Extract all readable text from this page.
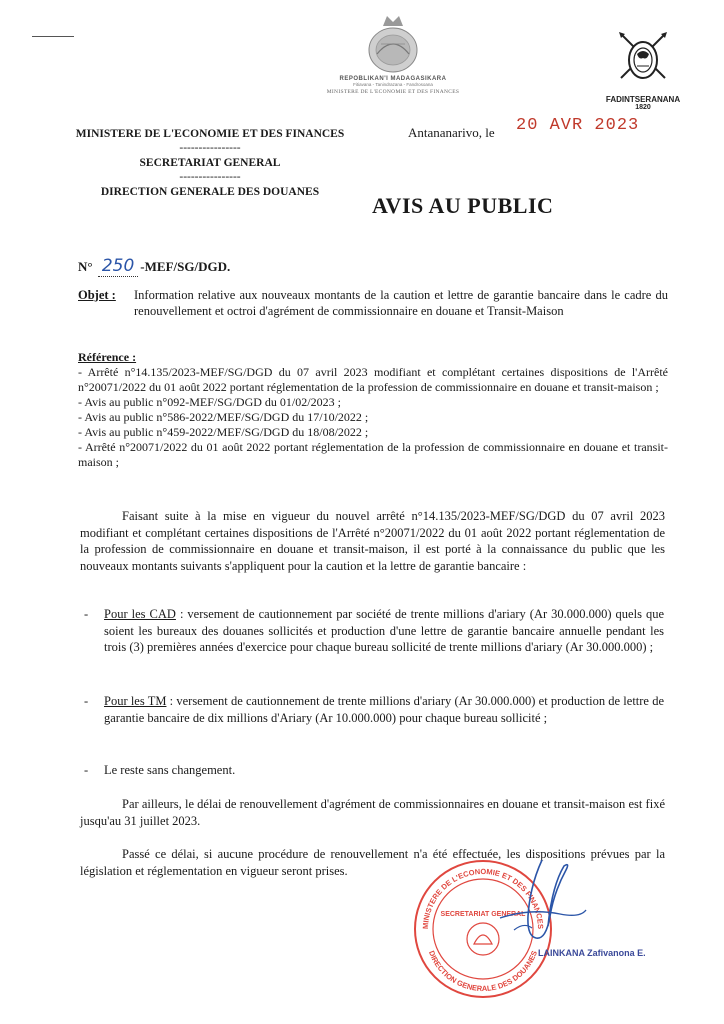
REPOBLIKAN'I MADAGASIKARA
Fitiavana - Tanindrazana - Fandrosoana
MINISTERE DE L'ECONOMIE ET DES FINANCES
FADINTSERANANA
1820
MINISTERE DE L'ECONOMIE ET DES FINANCES
----------------
SECRETARIAT GENERAL
----------------
DIRECTION GENERALE DES DOUANES
Antananarivo, le 20 AVR 2023
AVIS AU PUBLIC
N° 250 -MEF/SG/DGD.
Objet : Information relative aux nouveaux montants de la caution et lettre de garantie bancaire dans le cadre du renouvellement et octroi d'agrément de commissionnaire en douane et Transit-Maison
Référence :
- Arrêté n°14.135/2023-MEF/SG/DGD du 07 avril 2023 modifiant et complétant certaines dispositions de l'Arrêté n°20071/2022 du 01 août 2022 portant réglementation de la profession de commissionnaire en douane et transit-maison ;
- Avis au public n°092-MEF/SG/DGD du 01/02/2023 ;
- Avis au public n°586-2022/MEF/SG/DGD du 17/10/2022 ;
- Avis au public n°459-2022/MEF/SG/DGD du 18/08/2022 ;
- Arrêté n°20071/2022 du 01 août 2022 portant réglementation de la profession de commissionnaire en douane et transit-maison ;
Faisant suite à la mise en vigueur du nouvel arrêté n°14.135/2023-MEF/SG/DGD du 07 avril 2023 modifiant et complétant certaines dispositions de l'Arrêté n°20071/2022 du 01 août 2022 portant réglementation de la profession de commissionnaire en douane et transit-maison, il est porté à la connaissance du public que les nouveaux montants suivants s'appliquent pour la caution et la lettre de garantie bancaire :
- Pour les CAD : versement de cautionnement par société de trente millions d'ariary (Ar 30.000.000) quels que soient les bureaux des douanes sollicités et production d'une lettre de garantie bancaire annuelle pendant les trois (3) premières années d'exercice pour chaque bureau sollicité de trente millions d'ariary (Ar 30.000.000) ;
- Pour les TM : versement de cautionnement de trente millions d'ariary (Ar 30.000.000) et production de lettre de garantie bancaire de dix millions d'Ariary (Ar 10.000.000) pour chaque bureau sollicité ;
- Le reste sans changement.
Par ailleurs, le délai de renouvellement d'agrément de commissionnaires en douane et transit-maison est fixé jusqu'au 31 juillet 2023.
Passé ce délai, si aucune procédure de renouvellement n'a été effectuée, les dispositions prévues par la législation et réglementation en vigueur seront prises.
MINISTERE DE L'ECONOMIE ET DES FINANCES
DIRECTION GENERALE DES DOUANES
SECRETARIAT GENERAL
LAINKANA Zafivanona E.
